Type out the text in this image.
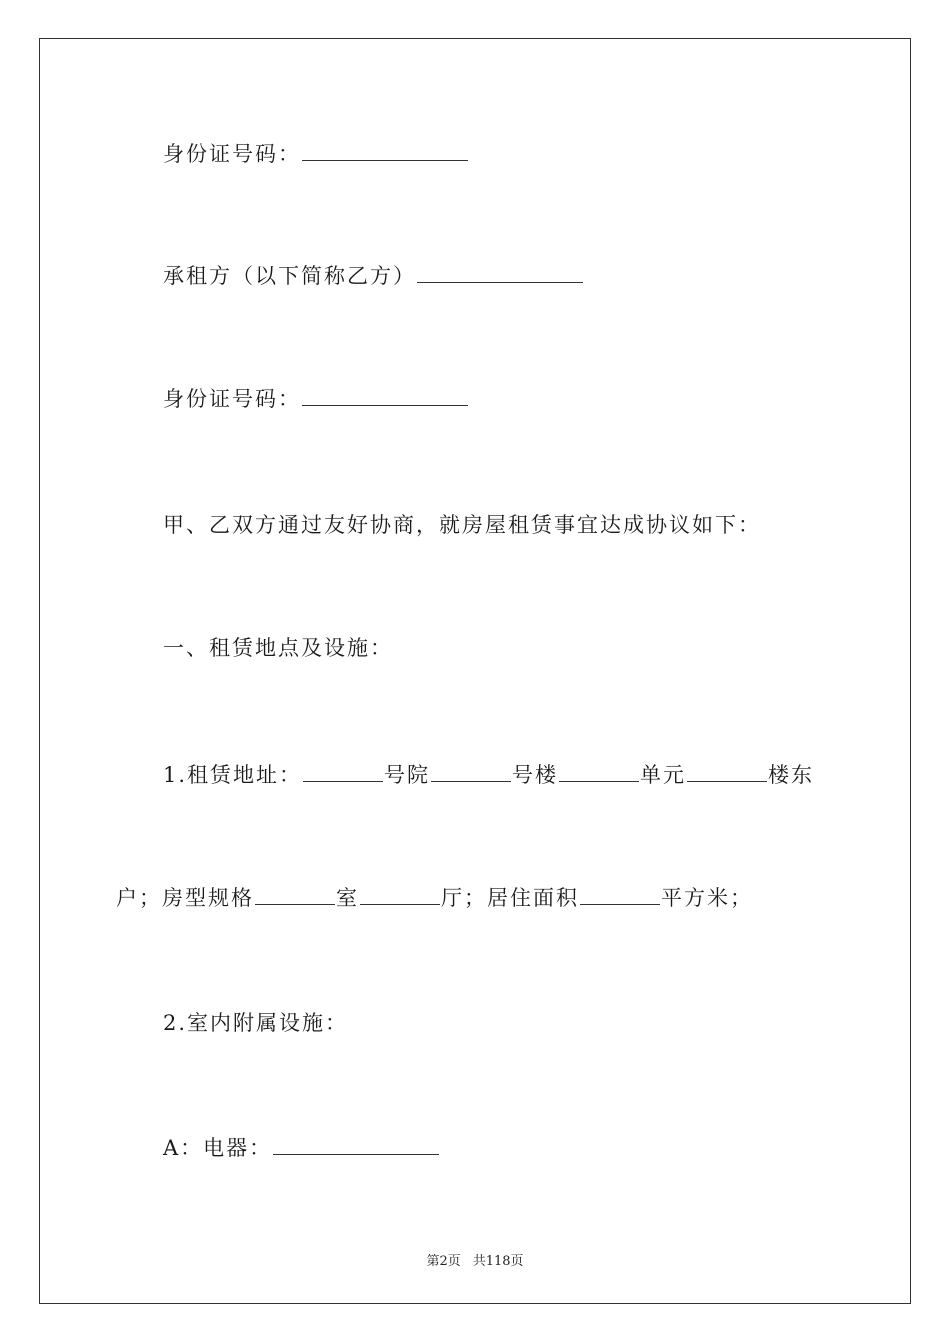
身份证号码：
承租方（以下简称乙方）
身份证号码：
甲、乙双方通过友好协商，就房屋租赁事宜达成协议如下：
一、租赁地点及设施：
1.租赁地址：	号院	号楼	单元	楼东
户；房型规格	室	厅；居住面积	平方米；
2.室内附属设施：
A：电器：
第2页 共118页
